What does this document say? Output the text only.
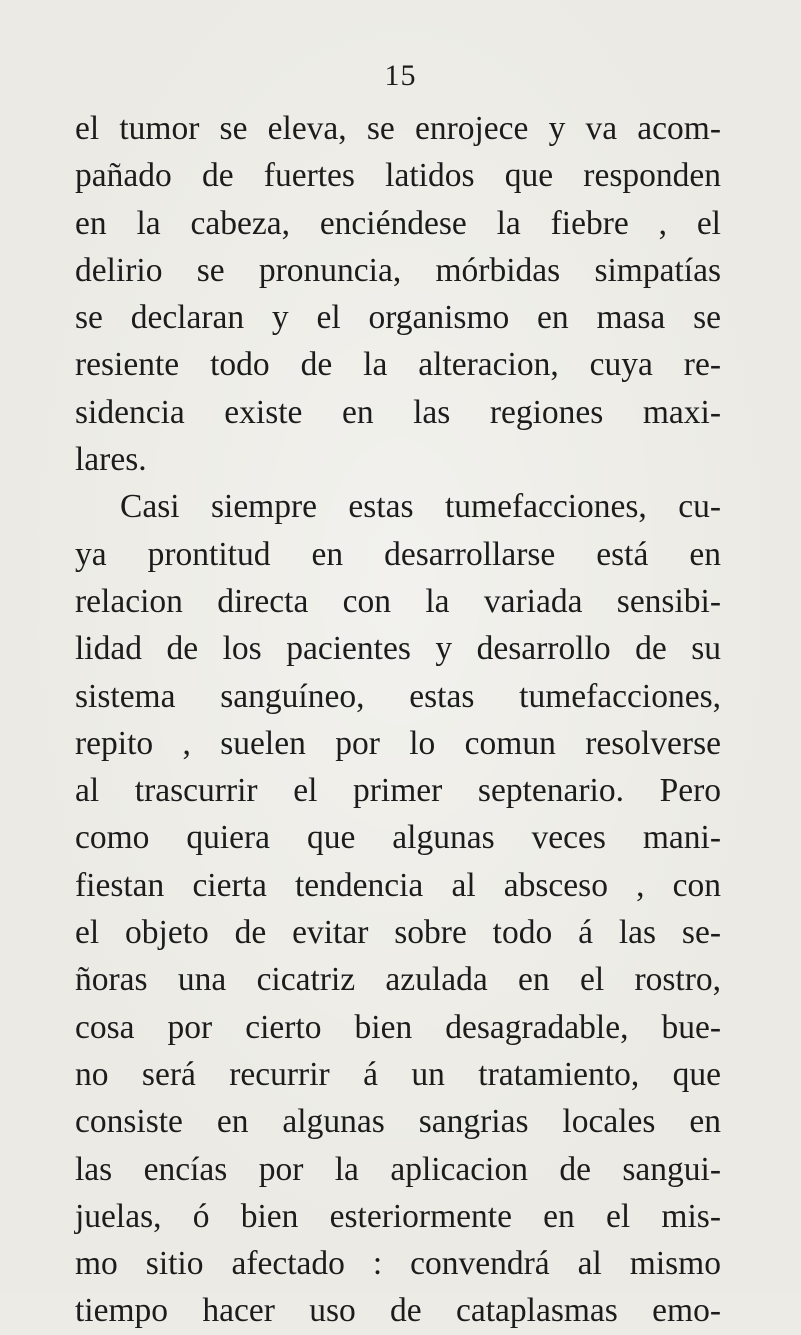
15
el tumor se eleva, se enrojece y va acom-
pañado de fuertes latidos que responden
en la cabeza, enciéndese la fiebre , el
delirio se pronuncia, mórbidas simpatías
se declaran y el organismo en masa se
resiente todo de la alteracion, cuya re-
sidencia existe en las regiones maxi-
lares.
Casi siempre estas tumefacciones, cu-
ya prontitud en desarrollarse está en
relacion directa con la variada sensibi-
lidad de los pacientes y desarrollo de su
sistema sanguíneo, estas tumefacciones,
repito , suelen por lo comun resolverse
al trascurrir el primer septenario. Pero
como quiera que algunas veces mani-
fiestan cierta tendencia al absceso , con
el objeto de evitar sobre todo á las se-
ñoras una cicatriz azulada en el rostro,
cosa por cierto bien desagradable, bue-
no será recurrir á un tratamiento, que
consiste en algunas sangrias locales en
las encías por la aplicacion de sangui-
juelas, ó bien esteriormente en el mis-
mo sitio afectado : convendrá al mismo
tiempo hacer uso de cataplasmas emo-
